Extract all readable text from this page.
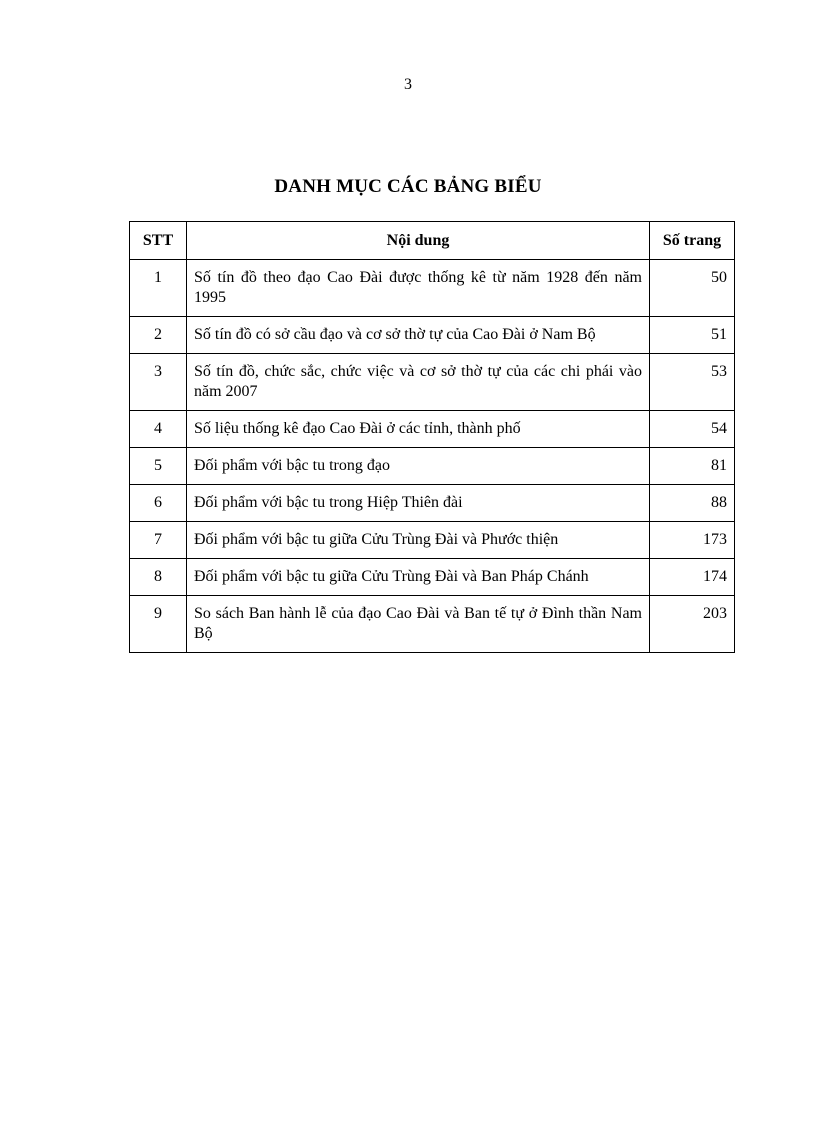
3
DANH MỤC CÁC BẢNG BIỂU
STT	Nội dung	Số trang
1	Số tín đồ theo đạo Cao Đài được thống kê từ năm 1928 đến năm 1995	50
2	Số tín đồ có sở cầu đạo và cơ sở thờ tự của Cao Đài ở Nam Bộ	51
3	Số tín đồ, chức sắc, chức việc và cơ sở thờ tự của các chi phái vào năm 2007	53
4	Số liệu thống kê đạo Cao Đài ở các tỉnh, thành phố	54
5	Đối phẩm với bậc tu trong đạo	81
6	Đối phẩm với bậc tu trong Hiệp Thiên đài	88
7	Đối phẩm với bậc tu giữa Cửu Trùng Đài và Phước thiện	173
8	Đối phẩm với bậc tu giữa Cửu Trùng Đài và Ban Pháp Chánh	174
9	So sách Ban hành lễ của đạo Cao Đài và Ban tế tự ở Đình thần Nam Bộ	203
